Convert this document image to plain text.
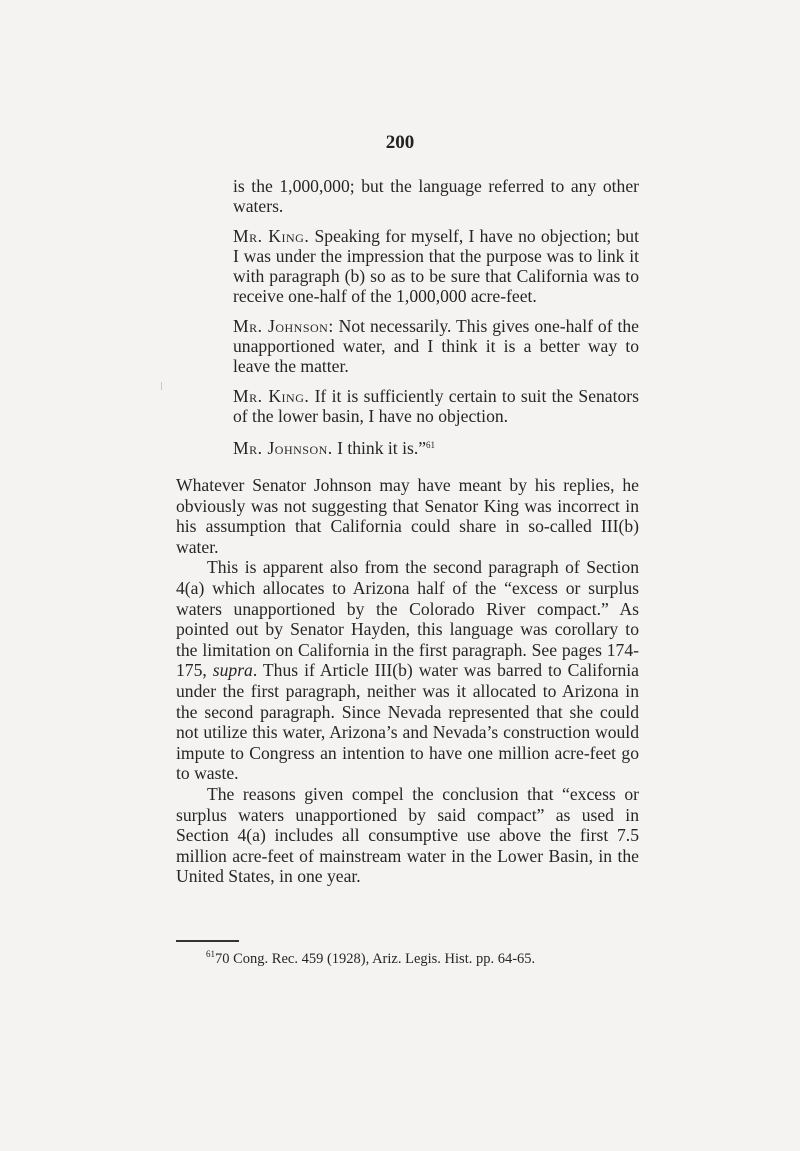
200

is the 1,000,000; but the language referred to any other waters.

Mr. King. Speaking for myself, I have no objection; but I was under the impression that the purpose was to link it with paragraph (b) so as to be sure that California was to receive one-half of the 1,000,000 acre-feet.

Mr. Johnson: Not necessarily. This gives one-half of the unapportioned water, and I think it is a better way to leave the matter.

Mr. King. If it is sufficiently certain to suit the Senators of the lower basin, I have no objection.

Mr. Johnson. I think it is.”$^{61}$

Whatever Senator Johnson may have meant by his replies, he obviously was not suggesting that Senator King was incorrect in his assumption that California could share in so-called III(b) water.

This is apparent also from the second paragraph of Section 4(a) which allocates to Arizona half of the “excess or surplus waters unapportioned by the Colorado River compact.” As pointed out by Senator Hayden, this language was corollary to the limitation on California in the first paragraph. See pages 174-175, supra. Thus if Article III(b) water was barred to California under the first paragraph, neither was it allocated to Arizona in the second paragraph. Since Nevada represented that she could not utilize this water, Arizona’s and Nevada’s construction would impute to Congress an intention to have one million acre-feet go to waste.

The reasons given compel the conclusion that “excess or surplus waters unapportioned by said compact” as used in Section 4(a) includes all consumptive use above the first 7.5 million acre-feet of mainstream water in the Lower Basin, in the United States, in one year.

$^{61}$70 Cong. Rec. 459 (1928), Ariz. Legis. Hist. pp. 64-65.
